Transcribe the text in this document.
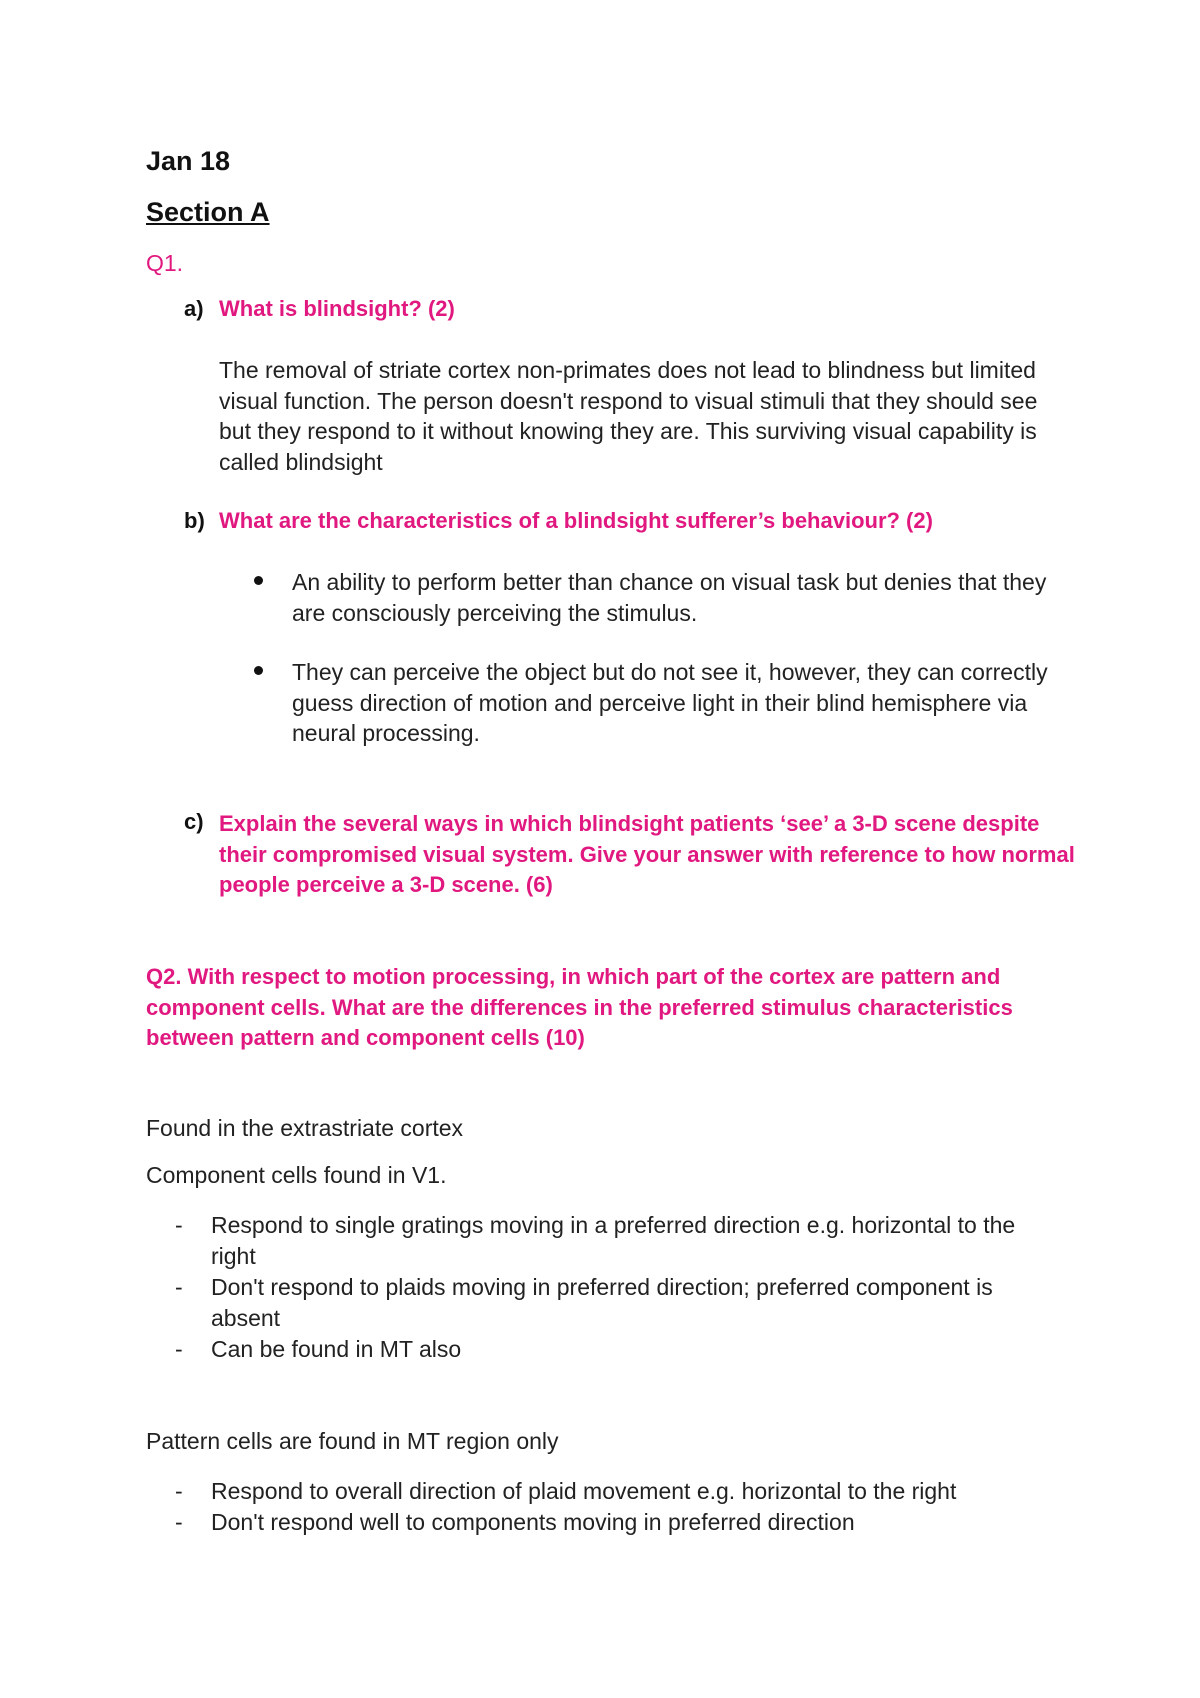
Jan 18
Section A
Q1.
a) What is blindsight? (2)

The removal of striate cortex non-primates does not lead to blindness but limited visual function. The person doesn't respond to visual stimuli that they should see but they respond to it without knowing they are. This surviving visual capability is called blindsight

b) What are the characteristics of a blindsight sufferer’s behaviour? (2)
An ability to perform better than chance on visual task but denies that they are consciously perceiving the stimulus.
They can perceive the object but do not see it, however, they can correctly guess direction of motion and perceive light in their blind hemisphere via neural processing.
c) Explain the several ways in which blindsight patients ‘see’ a 3-D scene despite their compromised visual system. Give your answer with reference to how normal people perceive a 3-D scene. (6)
Q2. With respect to motion processing, in which part of the cortex are pattern and component cells. What are the differences in the preferred stimulus characteristics between pattern and component cells (10)
Found in the extrastriate cortex
Component cells found in V1.
- Respond to single gratings moving in a preferred direction e.g. horizontal to the right
- Don't respond to plaids moving in preferred direction; preferred component is absent
- Can be found in MT also
Pattern cells are found in MT region only
- Respond to overall direction of plaid movement e.g. horizontal to the right
- Don't respond well to components moving in preferred direction
